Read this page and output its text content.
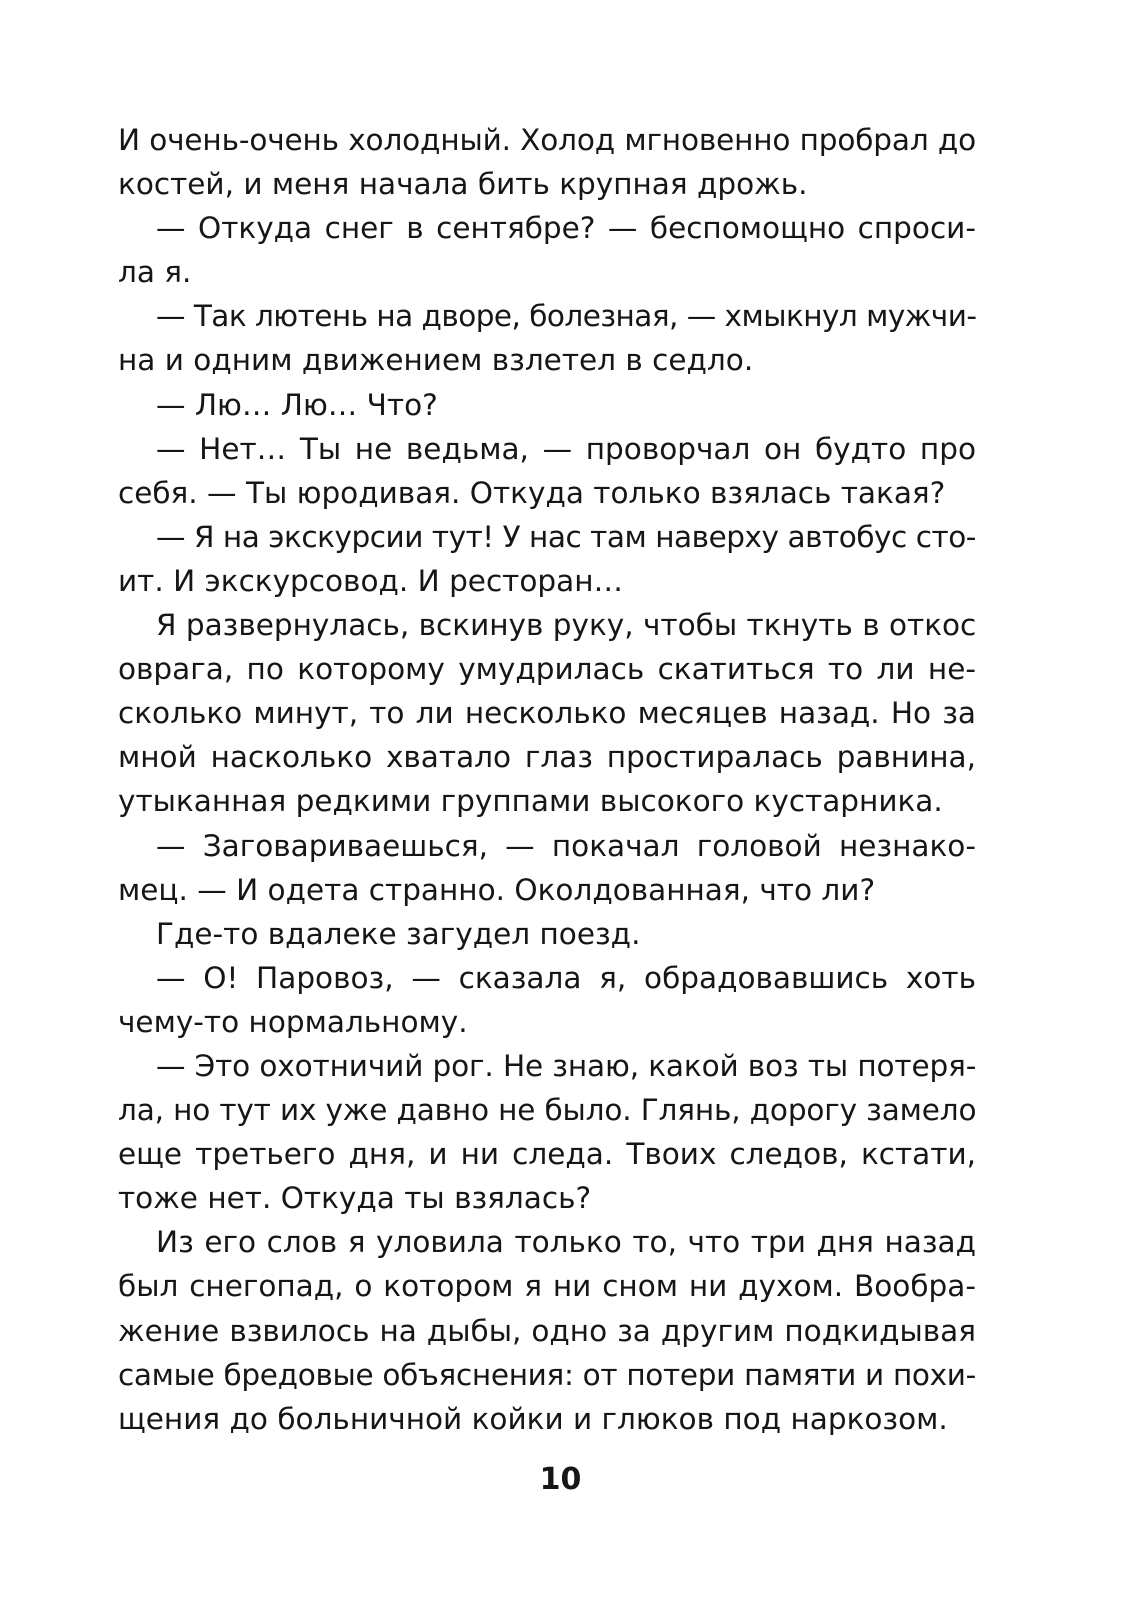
И очень-очень холодный. Холод мгновенно пробрал до
костей, и меня начала бить крупная дрожь.
— Откуда снег в сентябре? — беспомощно спроси-
ла я.
— Так лютень на дворе, болезная, — хмыкнул мужчи-
на и одним движением взлетел в седло.
— Лю… Лю… Что?
— Нет… Ты не ведьма, — проворчал он будто про
себя. — Ты юродивая. Откуда только взялась такая?
— Я на экскурсии тут! У нас там наверху автобус сто-
ит. И экскурсовод. И ресторан…
Я развернулась, вскинув руку, чтобы ткнуть в откос
оврага, по которому умудрилась скатиться то ли не-
сколько минут, то ли несколько месяцев назад. Но за
мной насколько хватало глаз простиралась равнина,
утыканная редкими группами высокого кустарника.
— Заговариваешься, — покачал головой незнако-
мец. — И одета странно. Околдованная, что ли?
Где-то вдалеке загудел поезд.
— О! Паровоз, — сказала я, обрадовавшись хоть
чему-то нормальному.
— Это охотничий рог. Не знаю, какой воз ты потеря-
ла, но тут их уже давно не было. Глянь, дорогу замело
еще третьего дня, и ни следа. Твоих следов, кстати,
тоже нет. Откуда ты взялась?
Из его слов я уловила только то, что три дня назад
был снегопад, о котором я ни сном ни духом. Вообра-
жение взвилось на дыбы, одно за другим подкидывая
самые бредовые объяснения: от потери памяти и похи-
щения до больничной койки и глюков под наркозом.
10
